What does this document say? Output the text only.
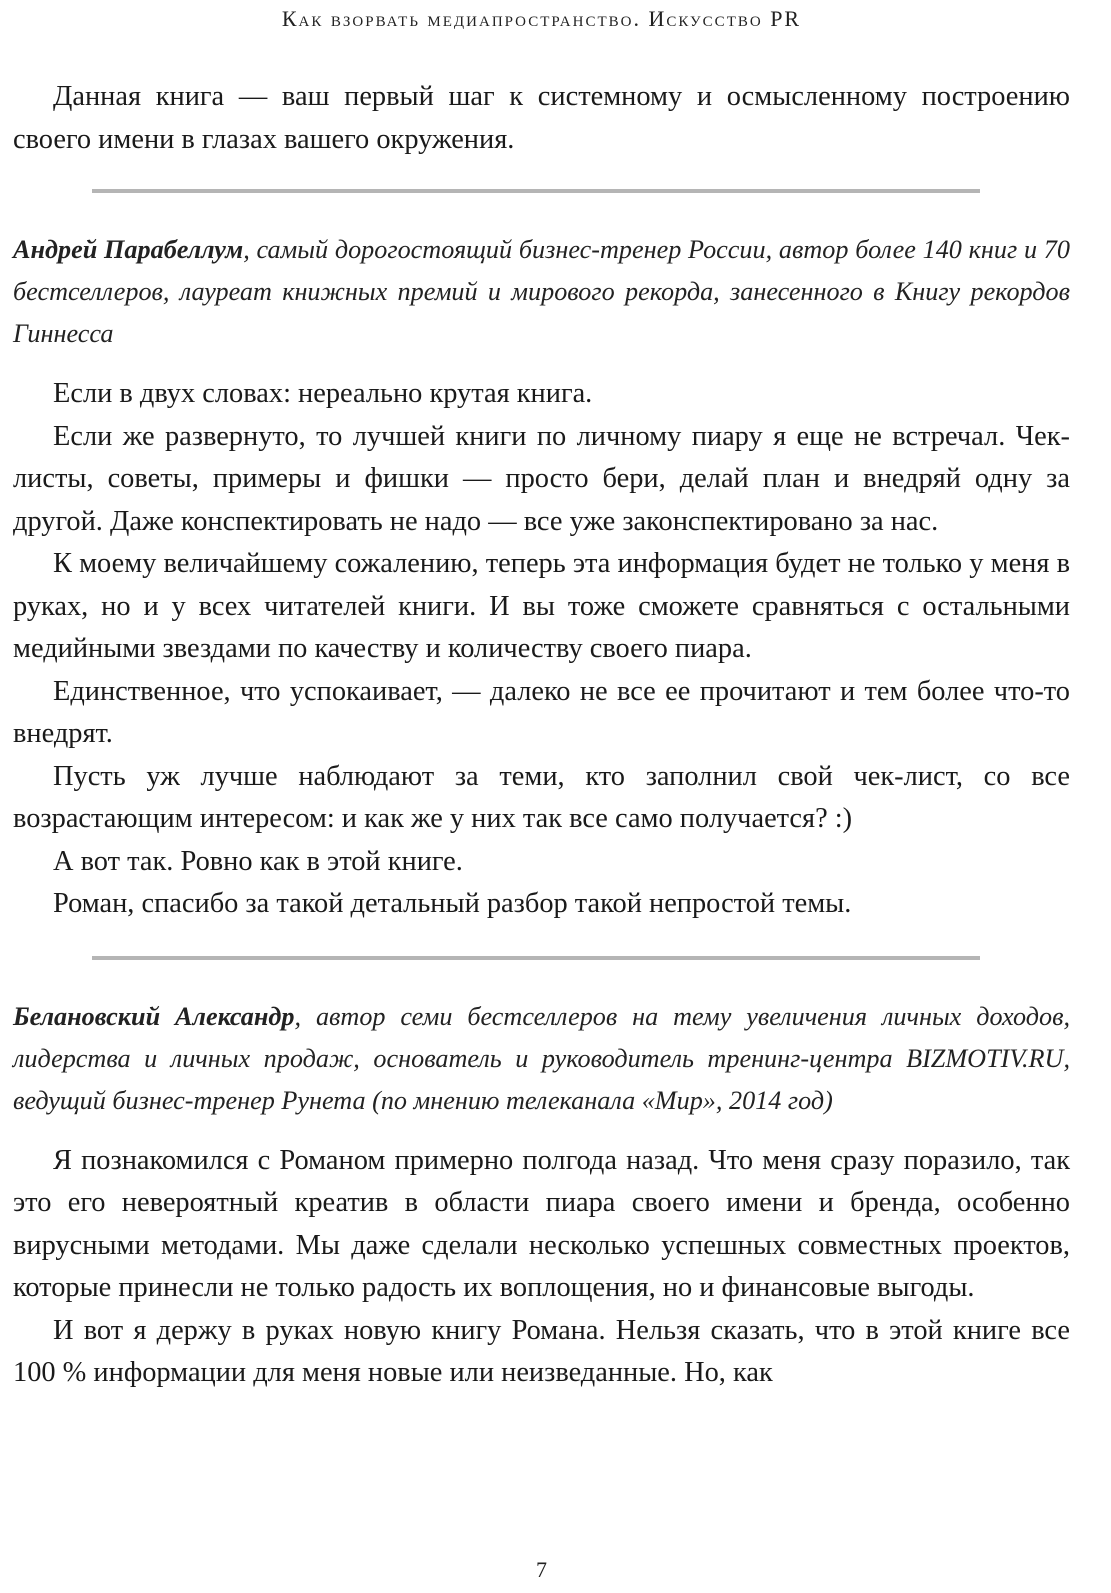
Как взорвать медиапространство. Искусство PR

Данная книга — ваш первый шаг к системному и осмысленному построению своего имени в глазах вашего окружения.

Андрей Парабеллум, самый дорогостоящий бизнес-тренер России, автор более 140 книг и 70 бестселлеров, лауреат книжных премий и мирового рекорда, занесенного в Книгу рекордов Гиннесса

Если в двух словах: нереально крутая книга.

Если же развернуто, то лучшей книги по личному пиару я еще не встречал. Чек-листы, советы, примеры и фишки — просто бери, делай план и внедряй одну за другой. Даже конспектировать не надо — все уже законспектировано за нас.

К моему величайшему сожалению, теперь эта информация будет не только у меня в руках, но и у всех читателей книги. И вы тоже сможете сравняться с остальными медийными звездами по качеству и количеству своего пиара.

Единственное, что успокаивает, — далеко не все ее прочитают и тем более что-то внедрят.

Пусть уж лучше наблюдают за теми, кто заполнил свой чек-лист, со все возрастающим интересом: и как же у них так все само получается? :)

А вот так. Ровно как в этой книге.

Роман, спасибо за такой детальный разбор такой непростой темы.

Белановский Александр, автор семи бестселлеров на тему увеличения личных доходов, лидерства и личных продаж, основатель и руководитель тренинг-центра BIZMOTIV.RU, ведущий бизнес-тренер Рунета (по мнению телеканала «Мир», 2014 год)

Я познакомился с Романом примерно полгода назад. Что меня сразу поразило, так это его невероятный креатив в области пиара своего имени и бренда, особенно вирусными методами. Мы даже сделали несколько успешных совместных проектов, которые принесли не только радость их воплощения, но и финансовые выгоды.

И вот я держу в руках новую книгу Романа. Нельзя сказать, что в этой книге все 100 % информации для меня новые или неизведанные. Но, как

7
